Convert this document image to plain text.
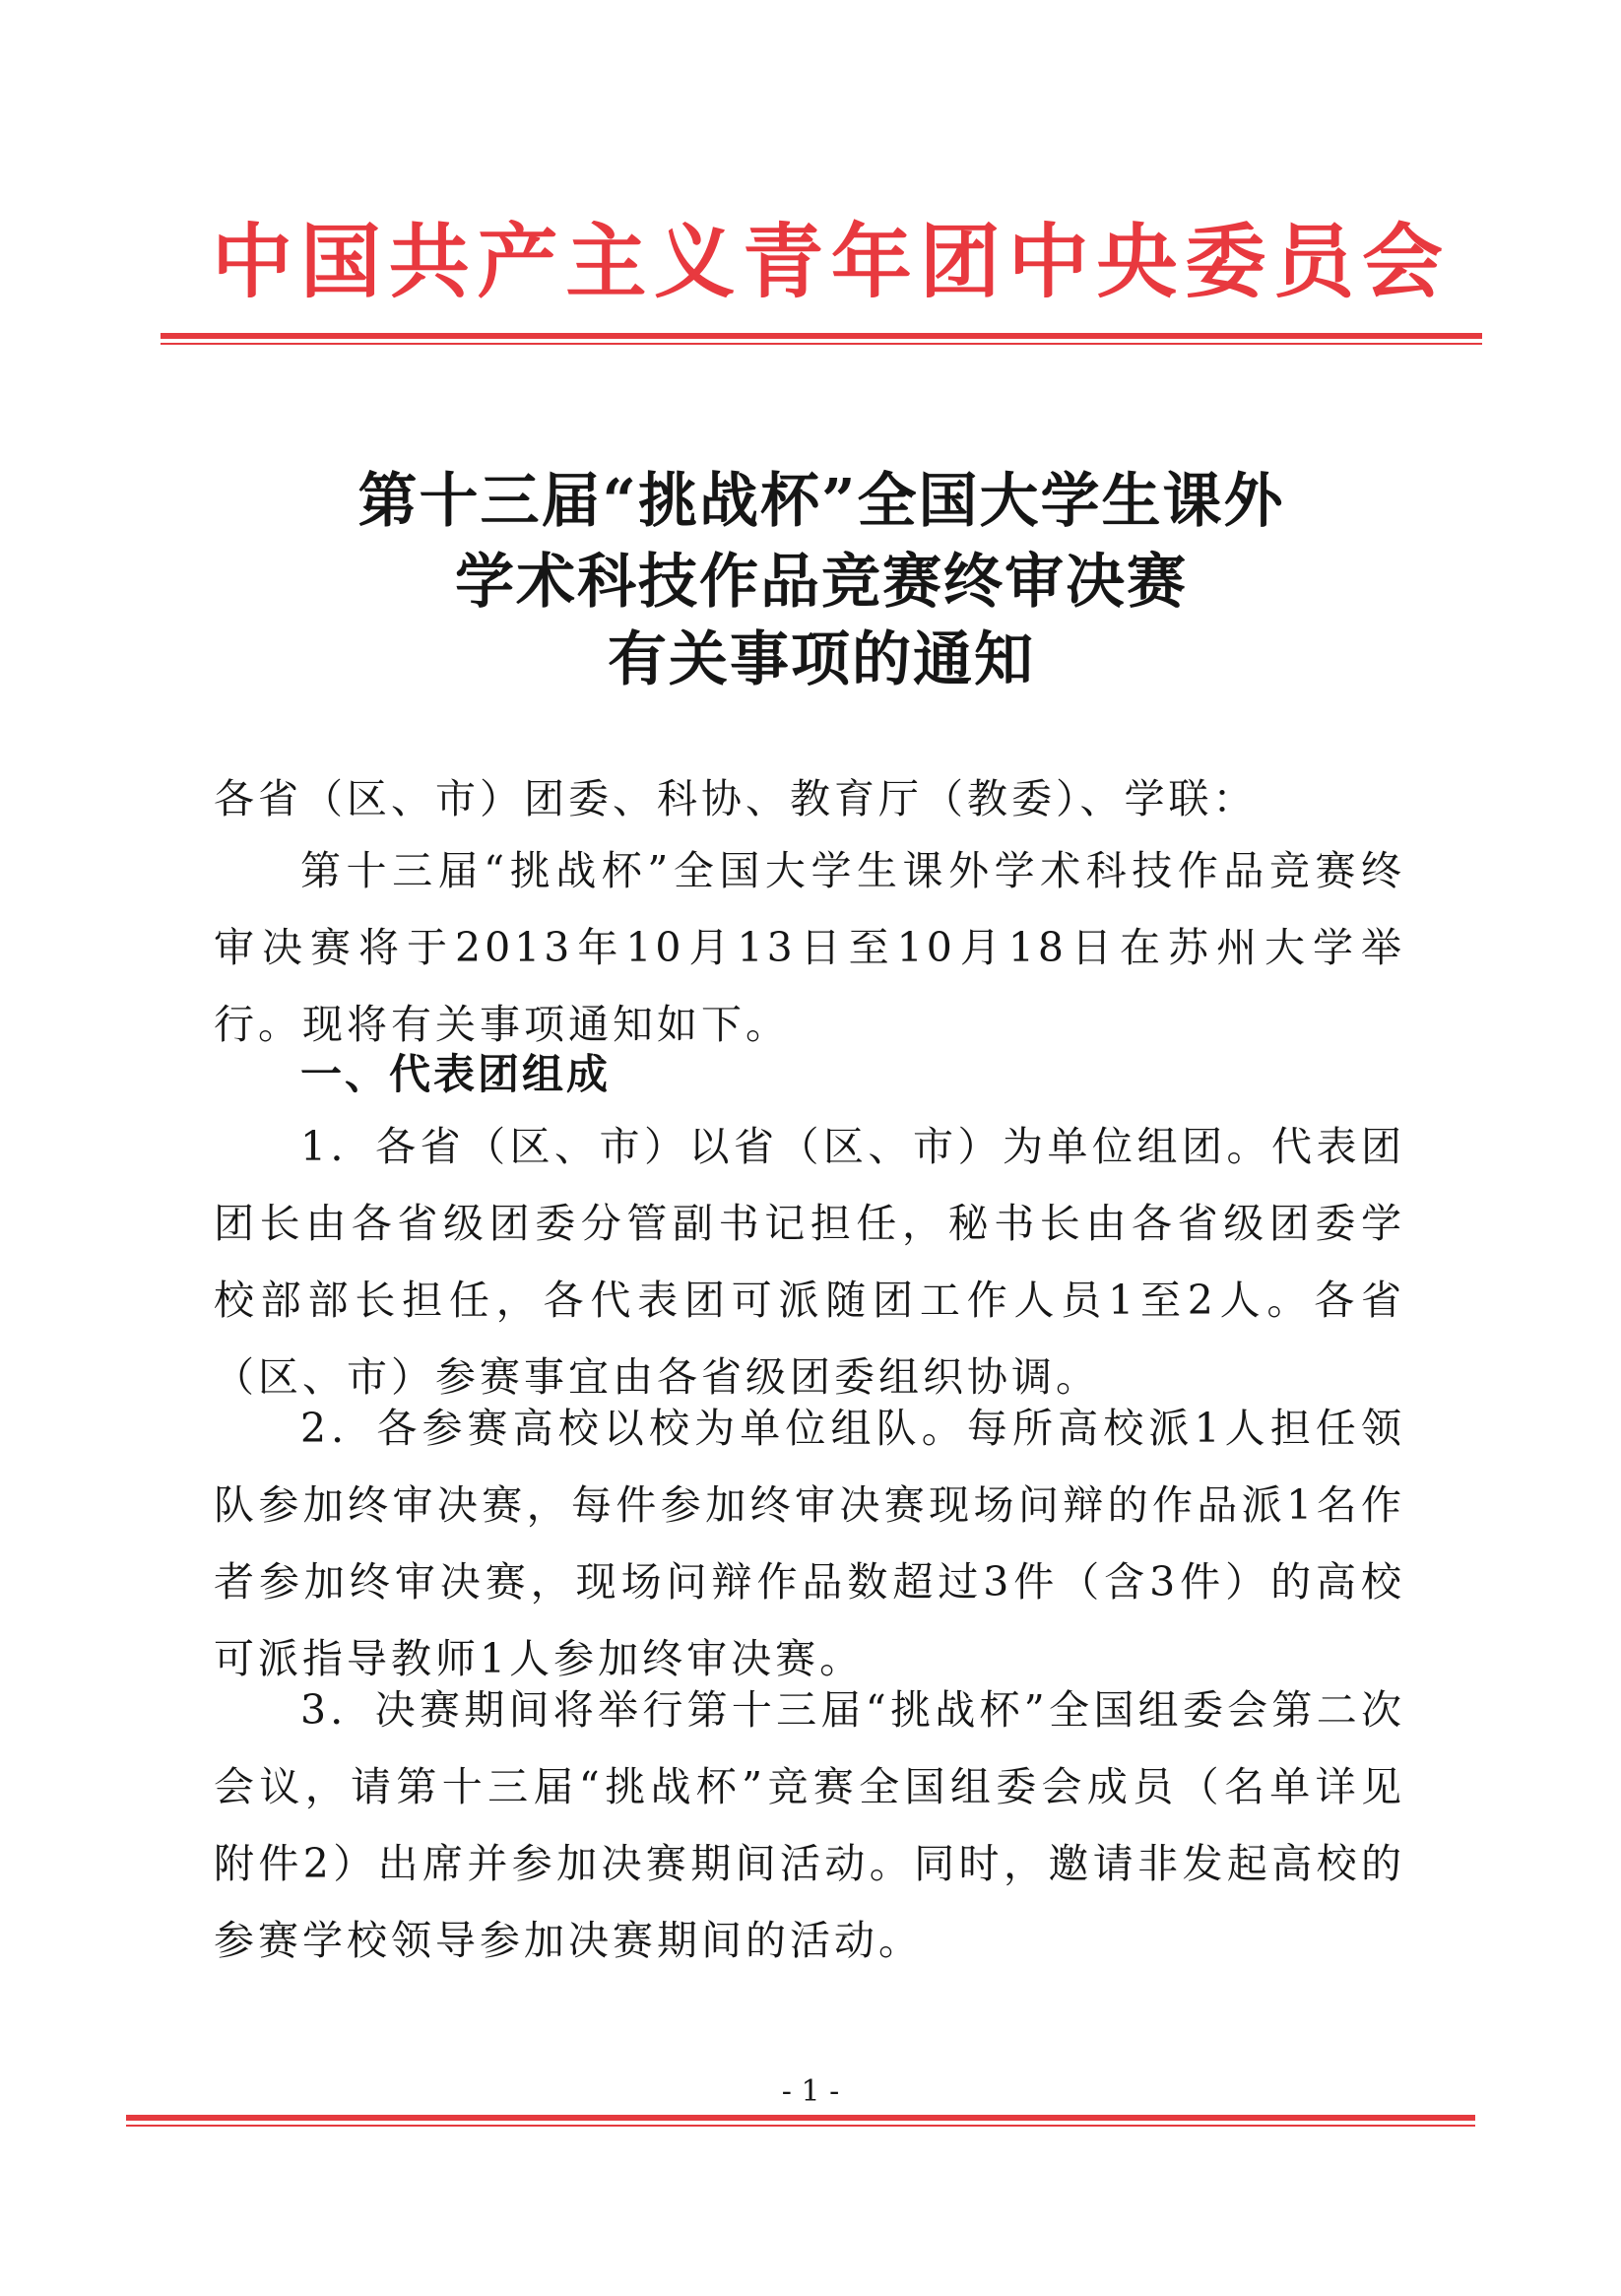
中 国 共 产 主 义 青 年 团 中 央 委 员 会
第十三届“挑战杯”全国大学生课外
学术科技作品竞赛终审决赛
有关事项的通知
各省（区、市）团委、科协、教育厅（教委）、学联：
第十三届“挑战杯”全国大学生课外学术科技作品竞赛终审决赛将于2013年10月13日至10月18日在苏州大学举行。现将有关事项通知如下。
一、代表团组成
1．各省（区、市）以省（区、市）为单位组团。代表团团长由各省级团委分管副书记担任，秘书长由各省级团委学校部部长担任，各代表团可派随团工作人员1至2人。各省（区、市）参赛事宜由各省级团委组织协调。
2．各参赛高校以校为单位组队。每所高校派1人担任领队参加终审决赛，每件参加终审决赛现场问辩的作品派1名作者参加终审决赛，现场问辩作品数超过3件（含3件）的高校可派指导教师1人参加终审决赛。
3．决赛期间将举行第十三届“挑战杯”全国组委会第二次会议，请第十三届“挑战杯”竞赛全国组委会成员（名单详见附件2）出席并参加决赛期间活动。同时，邀请非发起高校的参赛学校领导参加决赛期间的活动。
- 1 -
